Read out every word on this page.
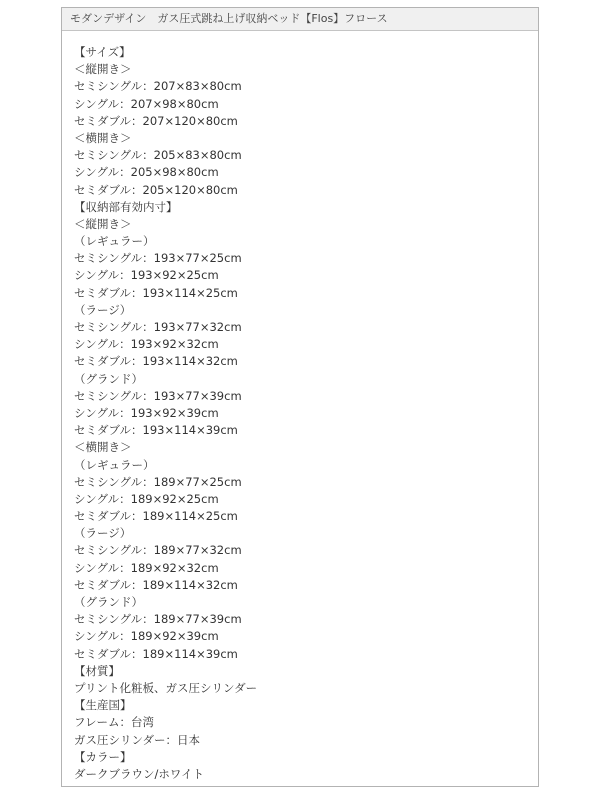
モダンデザイン　ガス圧式跳ね上げ収納ベッド【Flos】フロース
【サイズ】
＜縦開き＞
セミシングル：207×83×80cm
シングル：207×98×80cm
セミダブル：207×120×80cm
＜横開き＞
セミシングル：205×83×80cm
シングル：205×98×80cm
セミダブル：205×120×80cm
【収納部有効内寸】
＜縦開き＞
（レギュラー）
セミシングル：193×77×25cm
シングル：193×92×25cm
セミダブル：193×114×25cm
（ラージ）
セミシングル：193×77×32cm
シングル：193×92×32cm
セミダブル：193×114×32cm
（グランド）
セミシングル：193×77×39cm
シングル：193×92×39cm
セミダブル：193×114×39cm
＜横開き＞
（レギュラー）
セミシングル：189×77×25cm
シングル：189×92×25cm
セミダブル：189×114×25cm
（ラージ）
セミシングル：189×77×32cm
シングル：189×92×32cm
セミダブル：189×114×32cm
（グランド）
セミシングル：189×77×39cm
シングル：189×92×39cm
セミダブル：189×114×39cm
【材質】
プリント化粧板、ガス圧シリンダー
【生産国】
フレーム：台湾
ガス圧シリンダー：日本
【カラー】
ダークブラウン/ホワイト
